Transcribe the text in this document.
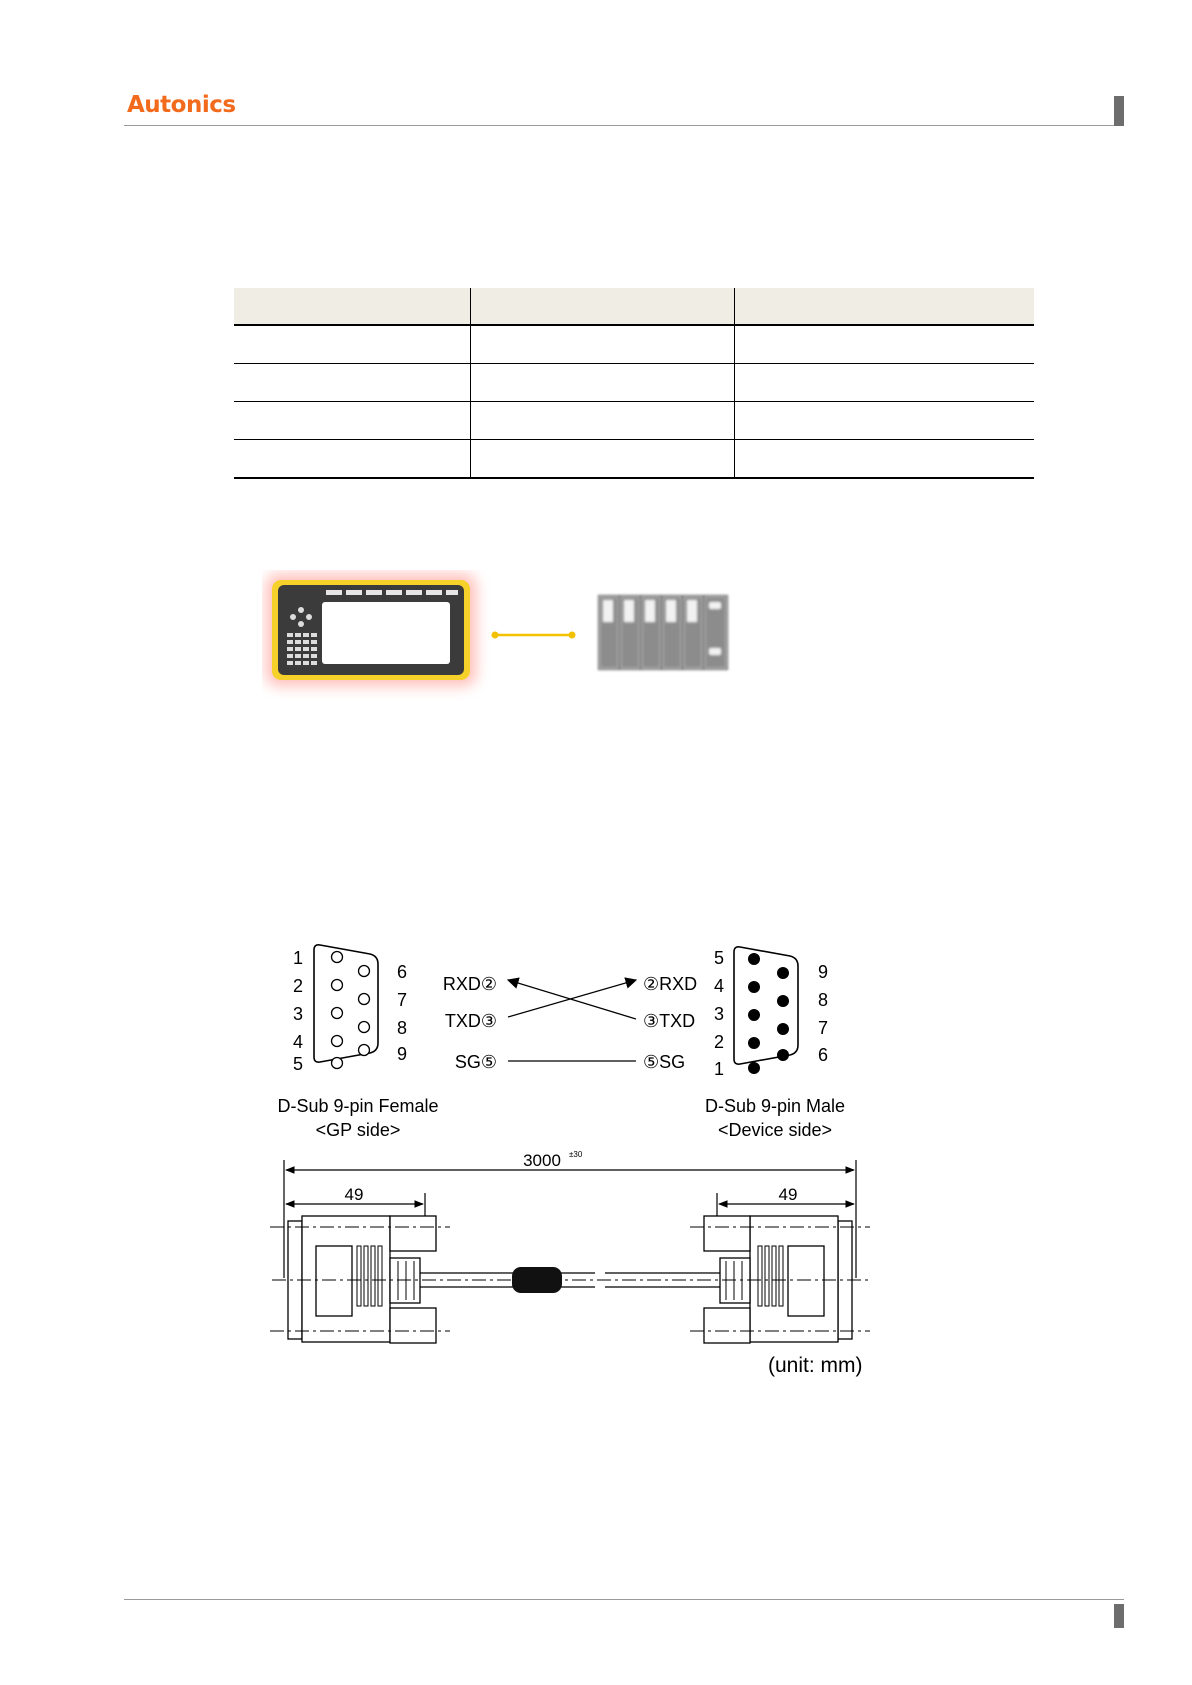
Autonics

1
2
3
4
5
6
7
8
9
D-Sub 9-pin Female
<GP side>
RXD②
TXD③
SG⑤
②RXD
③TXD
⑤SG
5
4
3
2
1
9
8
7
6
D-Sub 9-pin Male
<Device side>
3000 ±30
49	49
(unit: mm)
